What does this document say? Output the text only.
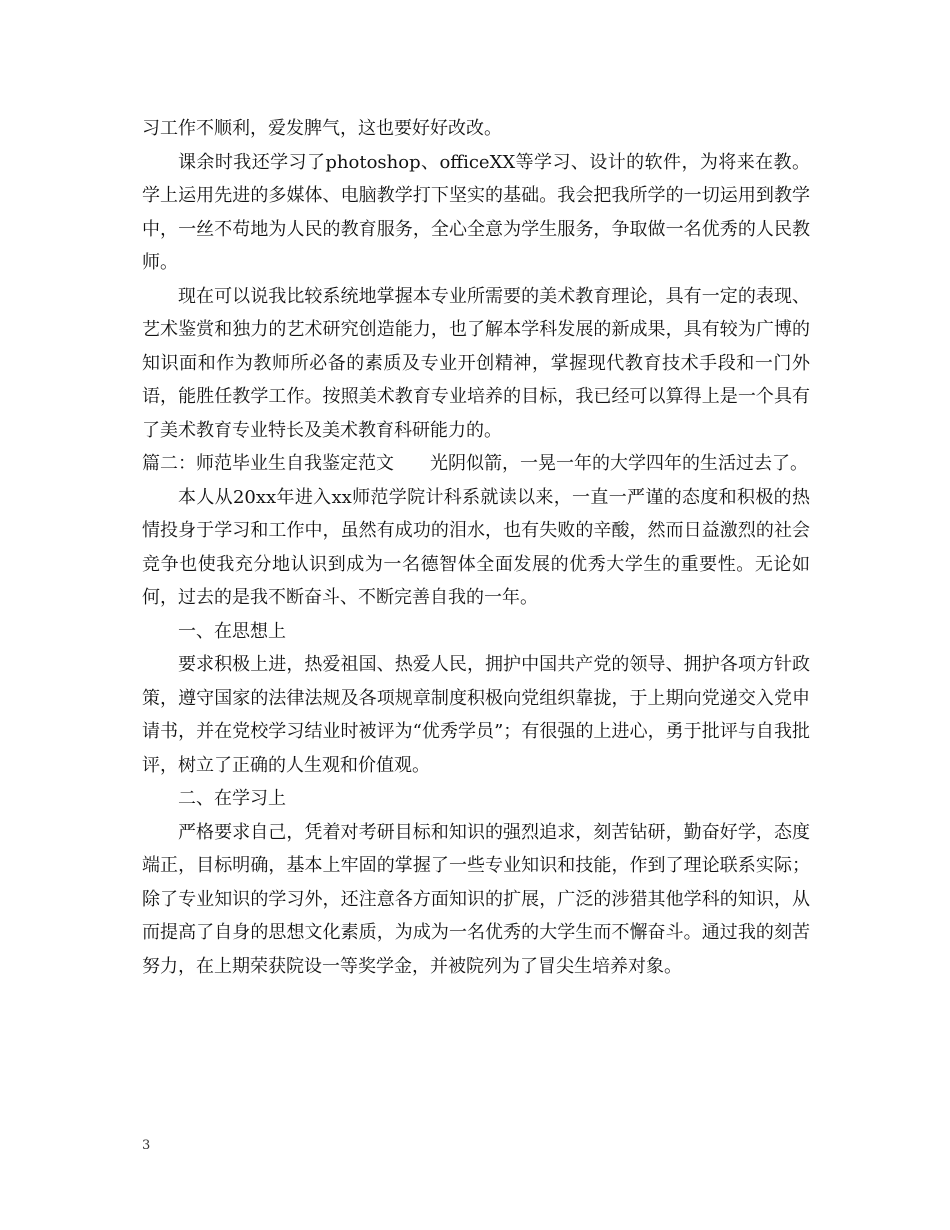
习工作不顺利，爱发脾气，这也要好好改改。

课余时我还学习了photoshop、officeXX等学习、设计的软件，为将来在教。学上运用先进的多媒体、电脑教学打下坚实的基础。我会把我所学的一切运用到教学中，一丝不苟地为人民的教育服务，全心全意为学生服务，争取做一名优秀的人民教师。

现在可以说我比较系统地掌握本专业所需要的美术教育理论，具有一定的表现、艺术鉴赏和独力的艺术研究创造能力，也了解本学科发展的新成果，具有较为广博的知识面和作为教师所必备的素质及专业开创精神，掌握现代教育技术手段和一门外语，能胜任教学工作。按照美术教育专业培养的目标，我已经可以算得上是一个具有了美术教育专业特长及美术教育科研能力的。

篇二：师范毕业生自我鉴定范文　　光阴似箭，一晃一年的大学四年的生活过去了。

本人从20xx年进入xx师范学院计科系就读以来，一直一严谨的态度和积极的热情投身于学习和工作中，虽然有成功的泪水，也有失败的辛酸，然而日益激烈的社会竞争也使我充分地认识到成为一名德智体全面发展的优秀大学生的重要性。无论如何，过去的是我不断奋斗、不断完善自我的一年。

一、在思想上

要求积极上进，热爱祖国、热爱人民，拥护中国共产党的领导、拥护各项方针政策，遵守国家的法律法规及各项规章制度积极向党组织靠拢，于上期向党递交入党申请书，并在党校学习结业时被评为“优秀学员”；有很强的上进心，勇于批评与自我批评，树立了正确的人生观和价值观。

二、在学习上

严格要求自己，凭着对考研目标和知识的强烈追求，刻苦钻研，勤奋好学，态度端正，目标明确，基本上牢固的掌握了一些专业知识和技能，作到了理论联系实际；除了专业知识的学习外，还注意各方面知识的扩展，广泛的涉猎其他学科的知识，从而提高了自身的思想文化素质，为成为一名优秀的大学生而不懈奋斗。通过我的刻苦努力，在上期荣获院设一等奖学金，并被院列为了冒尖生培养对象。

3
